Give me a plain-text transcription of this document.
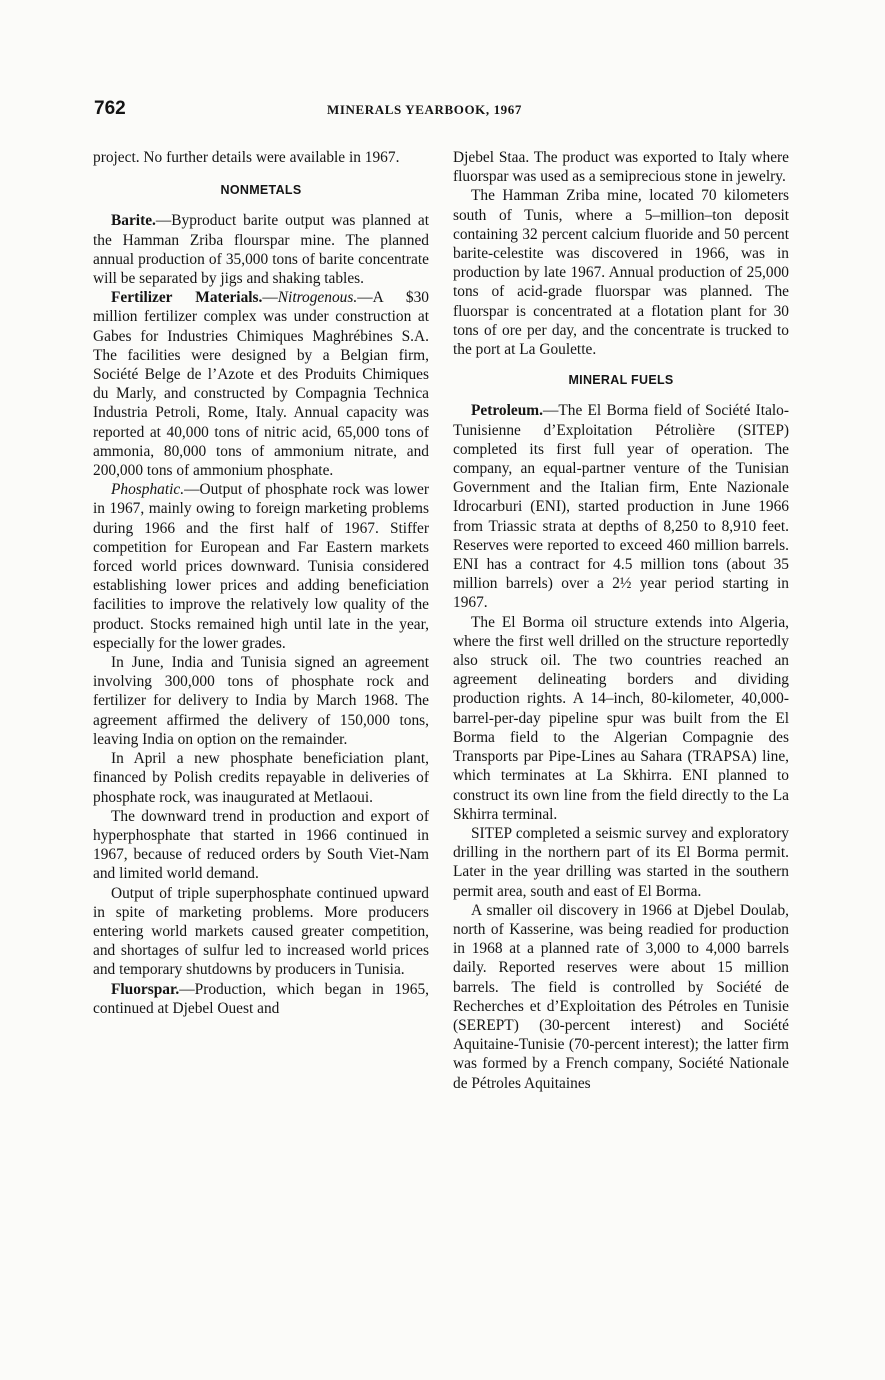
762	MINERALS YEARBOOK, 1967

project. No further details were available in 1967.

NONMETALS

Barite.—Byproduct barite output was planned at the Hamman Zriba flourspar mine. The planned annual production of 35,000 tons of barite concentrate will be separated by jigs and shaking tables.

Fertilizer Materials.—Nitrogenous.—A $30 million fertilizer complex was under construction at Gabes for Industries Chimiques Maghrébines S.A. The facilities were designed by a Belgian firm, Société Belge de l’Azote et des Produits Chimiques du Marly, and constructed by Compagnia Technica Industria Petroli, Rome, Italy. Annual capacity was reported at 40,000 tons of nitric acid, 65,000 tons of ammonia, 80,000 tons of ammonium nitrate, and 200,000 tons of ammonium phosphate.

Phosphatic.—Output of phosphate rock was lower in 1967, mainly owing to foreign marketing problems during 1966 and the first half of 1967. Stiffer competition for European and Far Eastern markets forced world prices downward. Tunisia considered establishing lower prices and adding beneficiation facilities to improve the relatively low quality of the product. Stocks remained high until late in the year, especially for the lower grades.

In June, India and Tunisia signed an agreement involving 300,000 tons of phosphate rock and fertilizer for delivery to India by March 1968. The agreement affirmed the delivery of 150,000 tons, leaving India on option on the remainder.

In April a new phosphate beneficiation plant, financed by Polish credits repayable in deliveries of phosphate rock, was inaugurated at Metlaoui.

The downward trend in production and export of hyperphosphate that started in 1966 continued in 1967, because of reduced orders by South Viet-Nam and limited world demand.

Output of triple superphosphate continued upward in spite of marketing problems. More producers entering world markets caused greater competition, and shortages of sulfur led to increased world prices and temporary shutdowns by producers in Tunisia.

Fluorspar.—Production, which began in 1965, continued at Djebel Ouest and

Djebel Staa. The product was exported to Italy where fluorspar was used as a semiprecious stone in jewelry.

The Hamman Zriba mine, located 70 kilometers south of Tunis, where a 5–million–ton deposit containing 32 percent calcium fluoride and 50 percent barite-celestite was discovered in 1966, was in production by late 1967. Annual production of 25,000 tons of acid-grade fluorspar was planned. The fluorspar is concentrated at a flotation plant for 30 tons of ore per day, and the concentrate is trucked to the port at La Goulette.

MINERAL FUELS

Petroleum.—The El Borma field of Société Italo-Tunisienne d’Exploitation Pétrolière (SITEP) completed its first full year of operation. The company, an equal-partner venture of the Tunisian Government and the Italian firm, Ente Nazionale Idrocarburi (ENI), started production in June 1966 from Triassic strata at depths of 8,250 to 8,910 feet. Reserves were reported to exceed 460 million barrels. ENI has a contract for 4.5 million tons (about 35 million barrels) over a 2½ year period starting in 1967.

The El Borma oil structure extends into Algeria, where the first well drilled on the structure reportedly also struck oil. The two countries reached an agreement delineating borders and dividing production rights. A 14–inch, 80-kilometer, 40,000-barrel-per-day pipeline spur was built from the El Borma field to the Algerian Compagnie des Transports par Pipe-Lines au Sahara (TRAPSA) line, which terminates at La Skhirra. ENI planned to construct its own line from the field directly to the La Skhirra terminal.

SITEP completed a seismic survey and exploratory drilling in the northern part of its El Borma permit. Later in the year drilling was started in the southern permit area, south and east of El Borma.

A smaller oil discovery in 1966 at Djebel Doulab, north of Kasserine, was being readied for production in 1968 at a planned rate of 3,000 to 4,000 barrels daily. Reported reserves were about 15 million barrels. The field is controlled by Société de Recherches et d’Exploitation des Pétroles en Tunisie (SEREPT) (30-percent interest) and Société Aquitaine-Tunisie (70-percent interest); the latter firm was formed by a French company, Société Nationale de Pétroles Aquitaines
